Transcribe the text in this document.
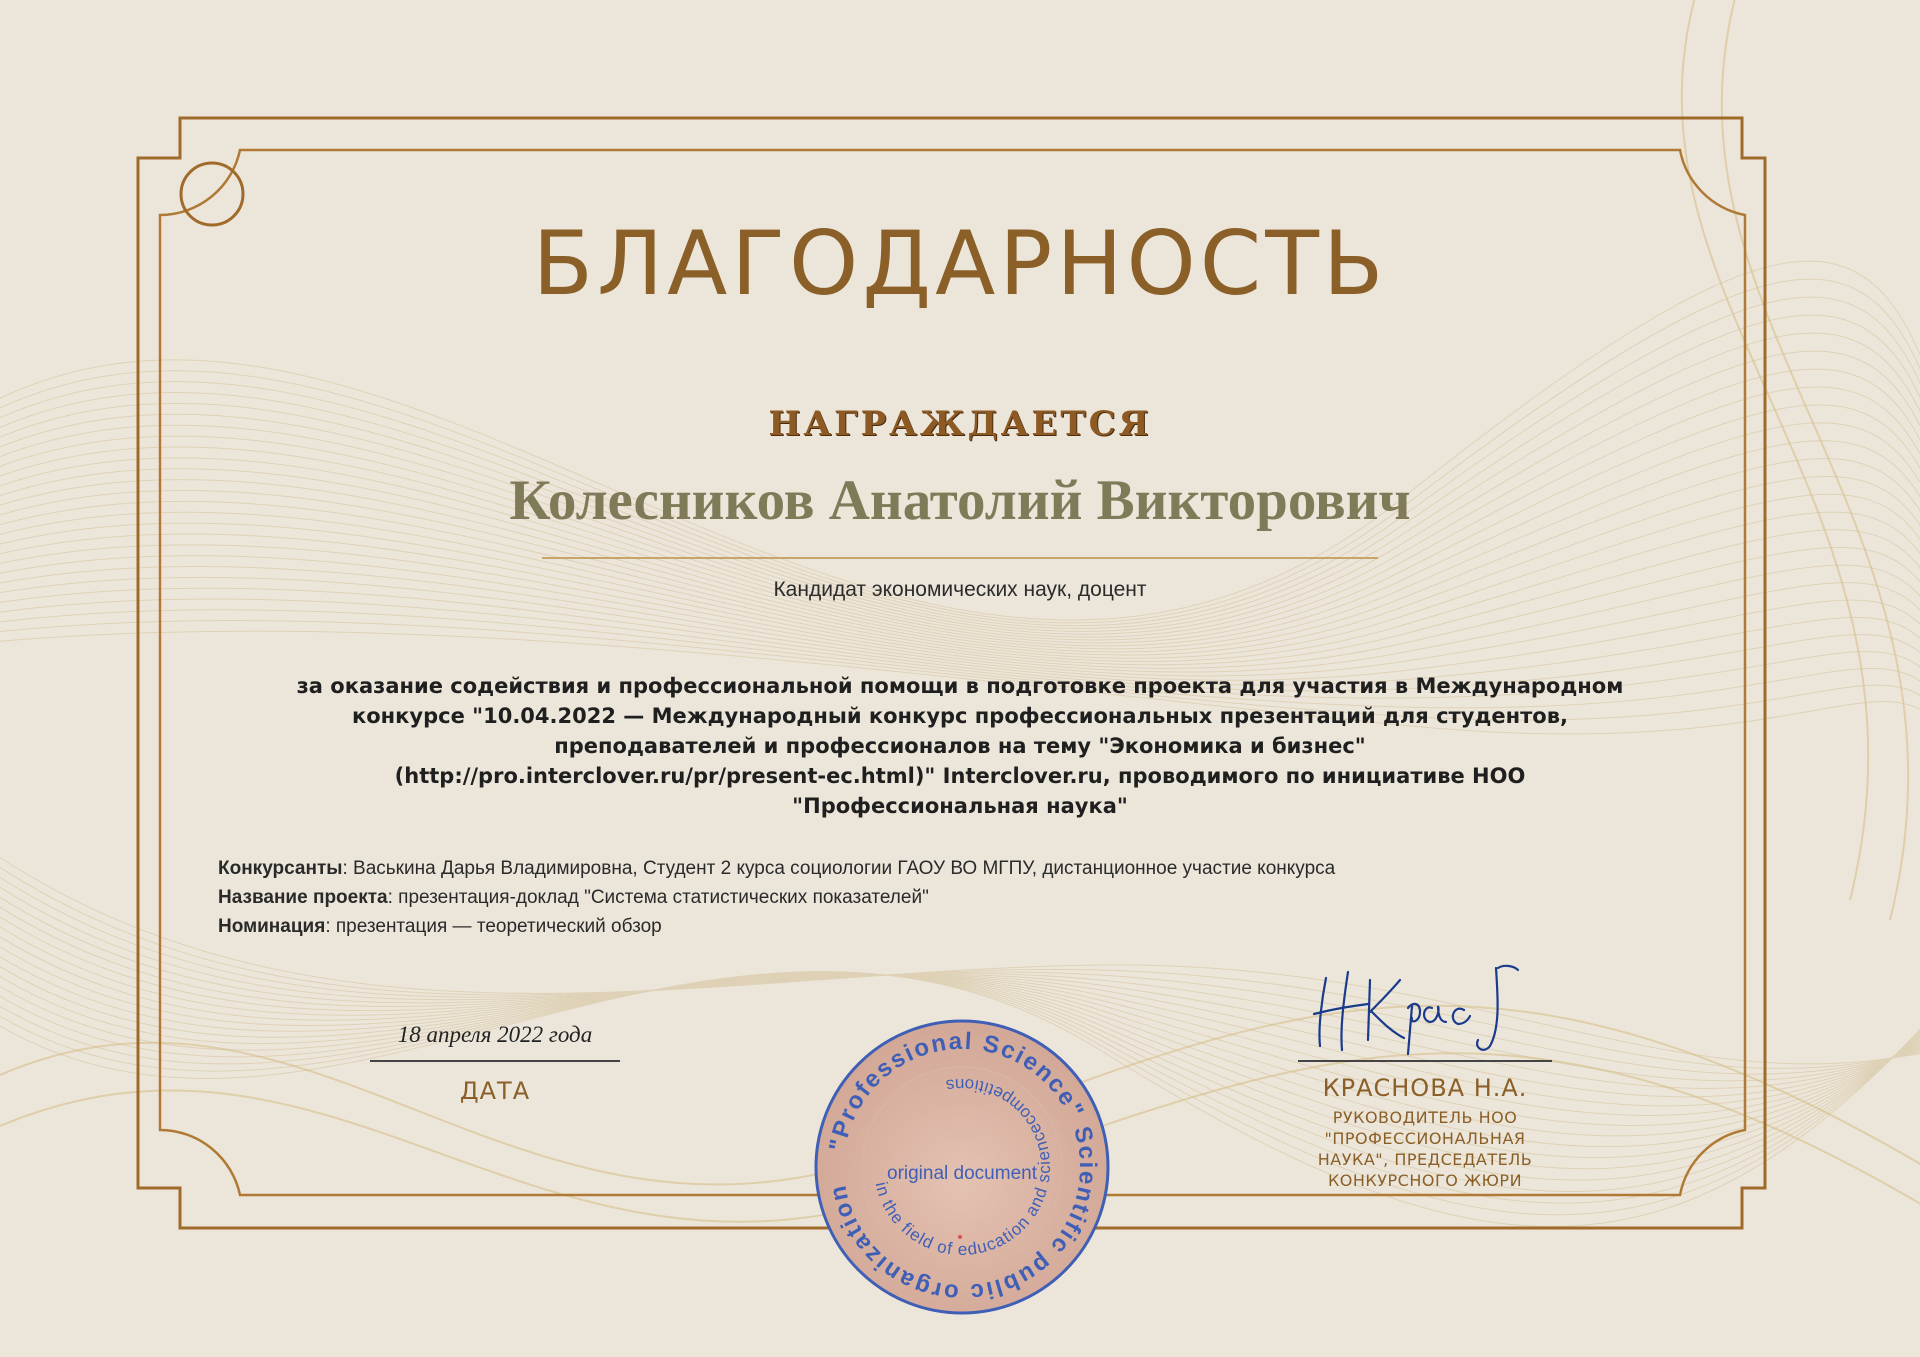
БЛАГОДАРНОСТЬ
НАГРАЖДАЕТСЯ
Колесников Анатолий Викторович
Кандидат экономических наук, доцент
за оказание содействия и профессиональной помощи в подготовке проекта для участия в Международном
конкурсе "10.04.2022 — Международный конкурс профессиональных презентаций для студентов,
преподавателей и профессионалов на тему "Экономика и бизнес"
(http://pro.interclover.ru/pr/present-ec.html)" Interclover.ru, проводимого по инициативе НОО
"Профессиональная наука"
Конкурсанты: Васькина Дарья Владимировна, Студент 2 курса социологии ГАОУ ВО МГПУ, дистанционное участие конкурса
Название проекта: презентация-доклад "Система статистических показателей"
Номинация: презентация — теоретический обзор
18 апреля 2022 года
ДАТА	КРАСНОВА Н.А.
РУКОВОДИТЕЛЬ НОО
"ПРОФЕССИОНАЛЬНАЯ
НАУКА", ПРЕДСЕДАТЕЛЬ
КОНКУРСНОГО ЖЮРИ
"Professional Science" Scientific public organization	in the field of education and sciencecompetitions
original document
